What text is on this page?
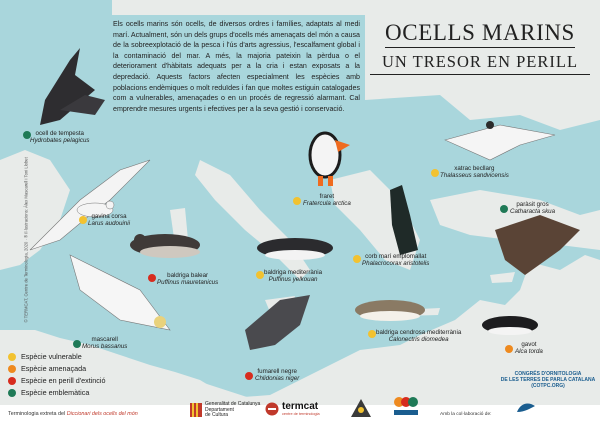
Els ocells marins són ocells, de diversos ordres i famílies, adaptats al medi marí. Actualment, són un dels grups d'ocells més amenaçats del món a causa de la sobreexplotació de la pesca i l'ús d'arts agressius, l'escalfament global i la contaminació del mar. A més, la majoria pateixin la pèrdua o el deteriorament d'hàbitats adequats per a la cria i estan exposats a la depredació. Aquests factors afecten especialment les espècies amb poblacions endèmiques o molt reduïdes i fan que moltes estiguin catalogades com a vulnerables, amenaçades o en un procés de regressió alarmant. Cal emprendre mesures urgents i efectives per a la seva gestió i conservació.
OCELLS MARINS
UN TRESOR EN PERILL
ocell de tempesta
Hydrobates pelagicus
gavina corsa
Larus audouinii
baldriga balear
Puffinus mauretanicus
baldriga mediterrània
Puffinus yelkouan
mascarell
Morus bassanus
fraret
Fratercula arctica
xatrac becllarg
Thalasseus sandvicensis
corb marí emplomallat
Phalacrocorax aristotelis
paràsit gros
Catharacta skua
baldriga cendrosa mediterrània
Calonectris diomedea
fumarell negre
Chlidonias niger
gavot
Alca torda
© TERMCAT, Centre de Terminologia, 2020 · ® Il·lustracions: Àlex Mascarell i Toni Llobet
Espècie vulnerable
Espècie amenaçada
Espècie en perill d'extinció
Espècie emblemàtica
CONGRÉS D'ORNITOLOGIA
DE LES TERRES DE PARLA CATALANA
(COTPC.ORG)
Terminologia extreta del Diccionari dels ocells del món
Generalitat de Catalunya
Departament
de Cultura
termcat
centre de terminologia	Amb la col·laboració de:
